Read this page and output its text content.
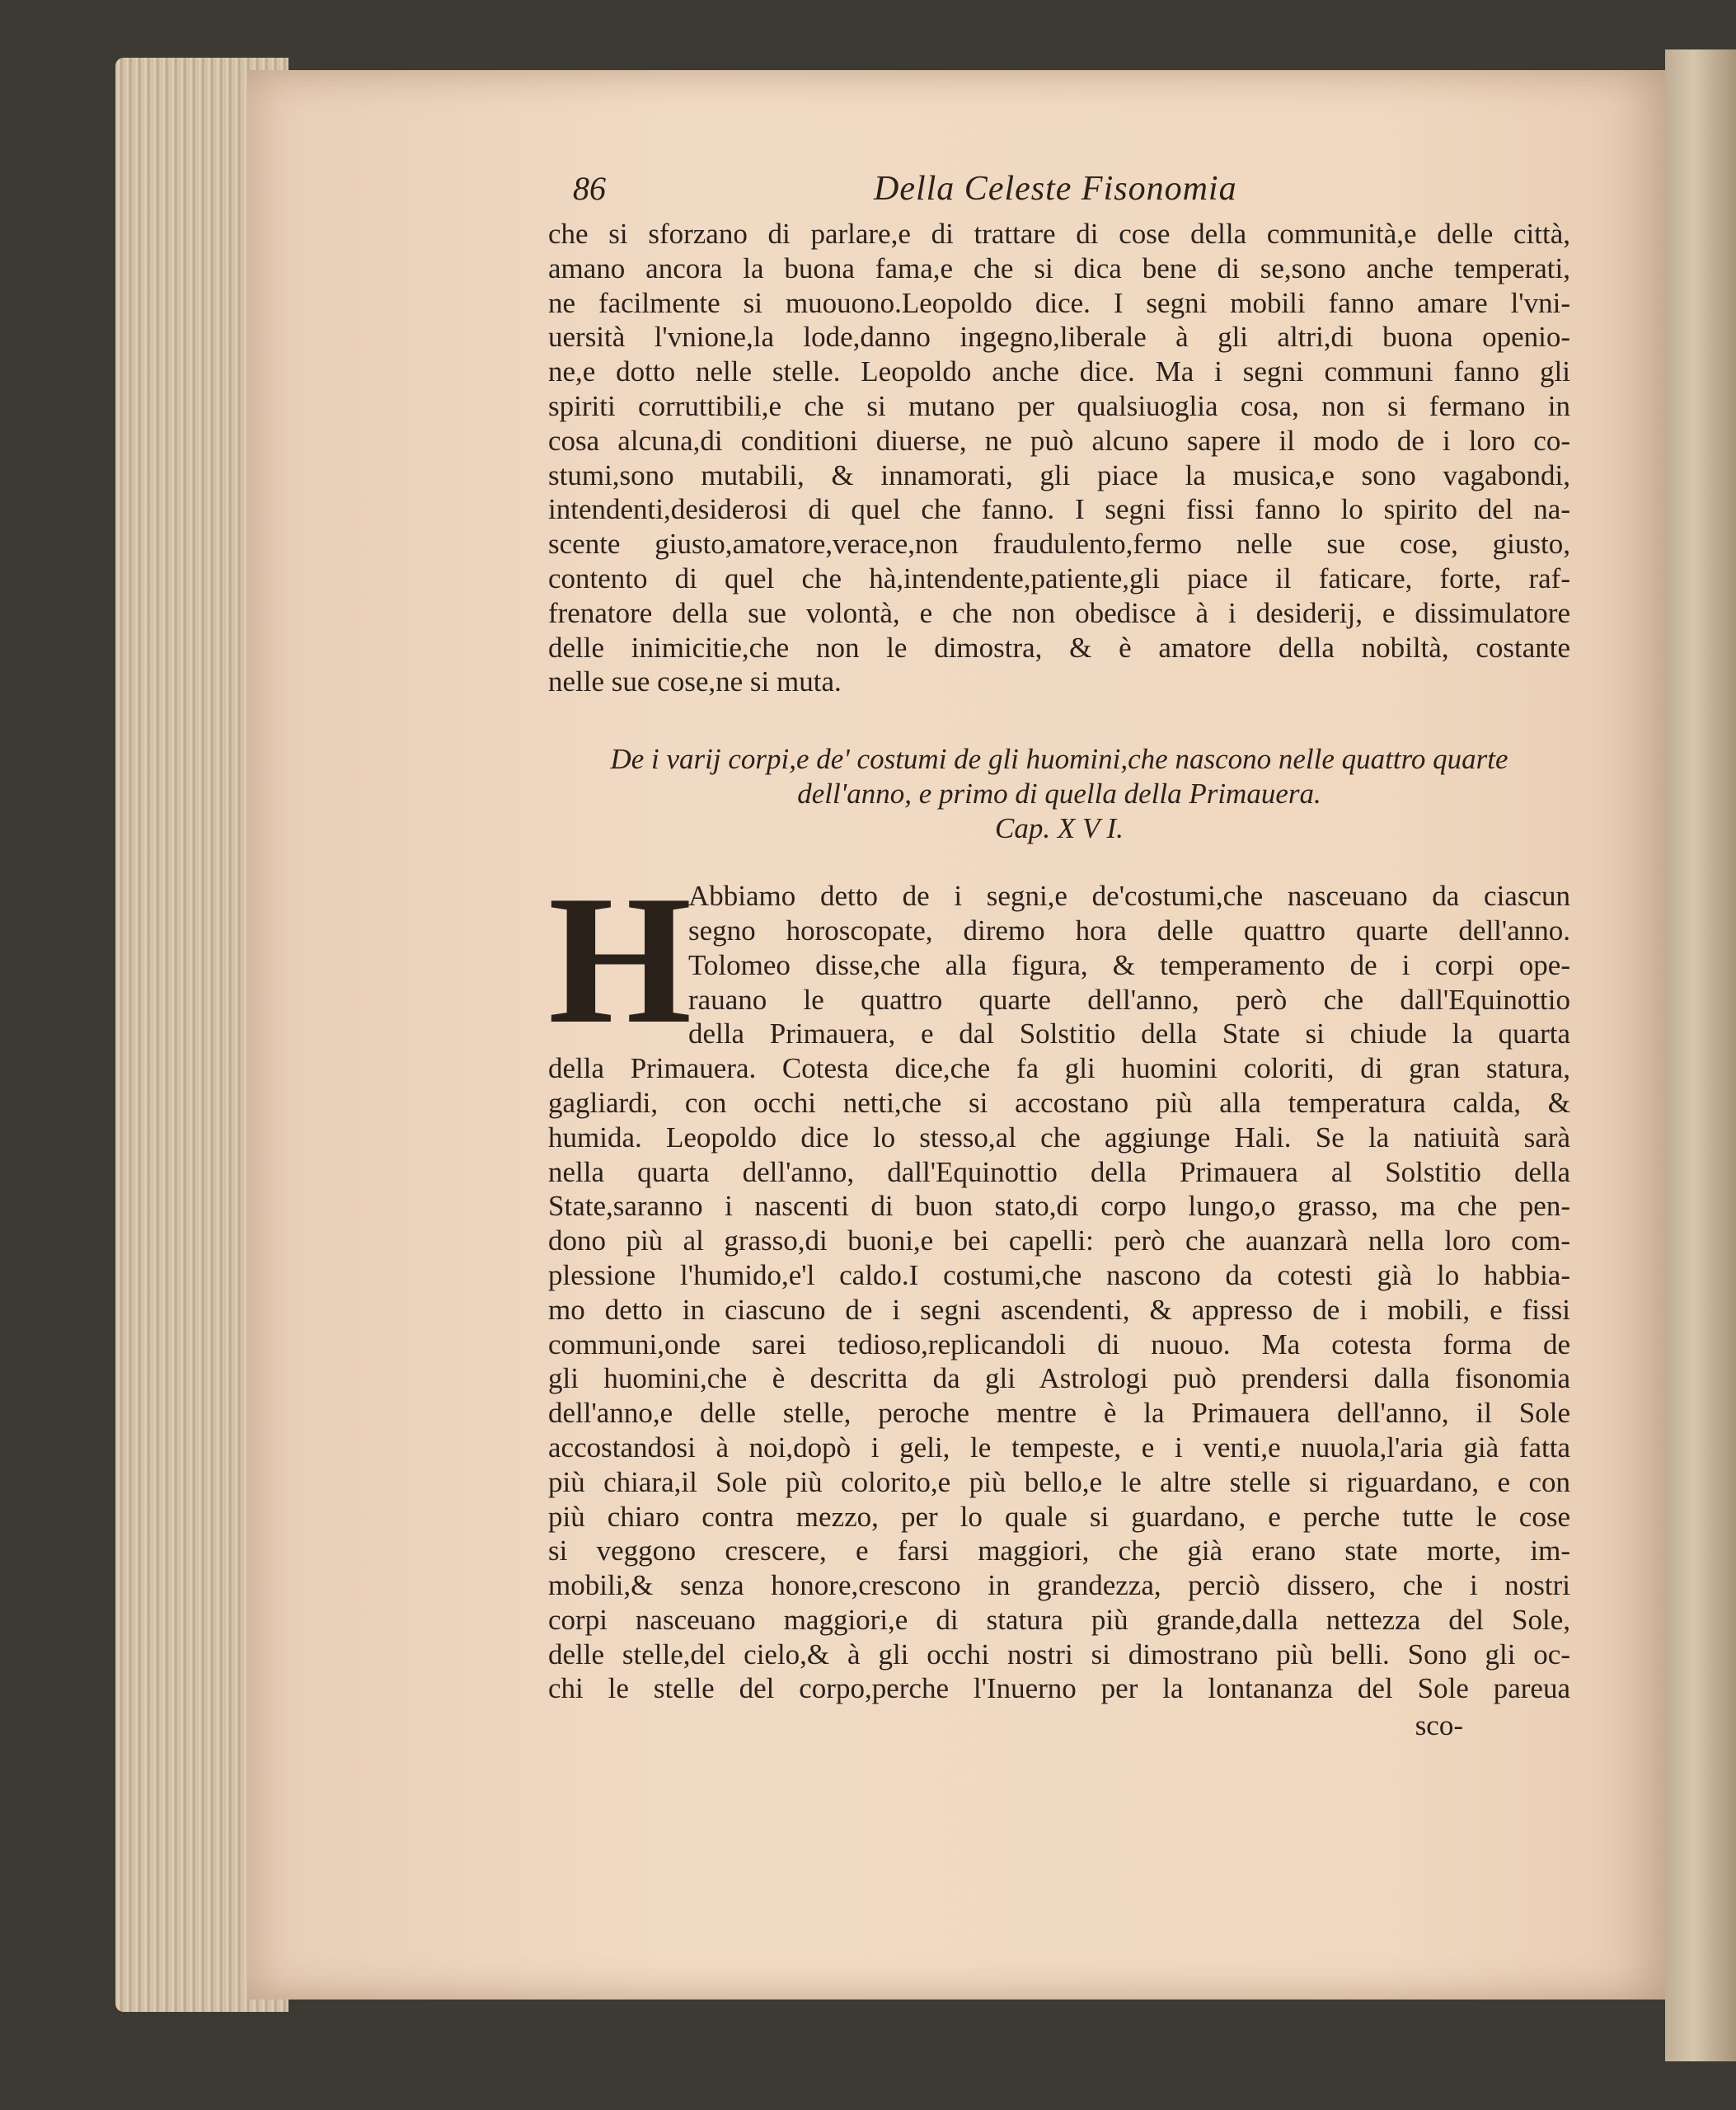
86	Della Celeste Fisonomia
che si sforzano di parlare,e di trattare di cose della communità,e delle città,
amano ancora la buona fama,e che si dica bene di se,sono anche temperati,
ne facilmente si muouono.Leopoldo dice. I segni mobili fanno amare l'vni-
uersità l'vnione,la lode,danno ingegno,liberale à gli altri,di buona openio-
ne,e dotto nelle stelle. Leopoldo anche dice. Ma i segni communi fanno gli
spiriti corruttibili,e che si mutano per qualsiuoglia cosa, non si fermano in
cosa alcuna,di conditioni diuerse, ne può alcuno sapere il modo de i loro co-
stumi,sono mutabili, & innamorati, gli piace la musica,e sono vagabondi,
intendenti,desiderosi di quel che fanno. I segni fissi fanno lo spirito del na-
scente giusto,amatore,verace,non fraudulento,fermo nelle sue cose, giusto,
contento di quel che hà,intendente,patiente,gli piace il faticare, forte, raf-
frenatore della sue volontà, e che non obedisce à i desiderij, e dissimulatore
delle inimicitie,che non le dimostra, & è amatore della nobiltà, costante
nelle sue cose,ne si muta.
De i varij corpi,e de' costumi de gli huomini,che nascono nelle quattro quarte
dell'anno, e primo di quella della Primauera.
Cap. X V I.
H
Abbiamo detto de i segni,e de'costumi,che nasceuano da ciascun
segno horoscopate, diremo hora delle quattro quarte dell'anno.
Tolomeo disse,che alla figura, & temperamento de i corpi ope-
rauano le quattro quarte dell'anno, però che dall'Equinottio
della Primauera, e dal Solstitio della State si chiude la quarta
della Primauera. Cotesta dice,che fa gli huomini coloriti, di gran statura,
gagliardi, con occhi netti,che si accostano più alla temperatura calda, &
humida. Leopoldo dice lo stesso,al che aggiunge Hali. Se la natiuità sarà
nella quarta dell'anno, dall'Equinottio della Primauera al Solstitio della
State,saranno i nascenti di buon stato,di corpo lungo,o grasso, ma che pen-
dono più al grasso,di buoni,e bei capelli: però che auanzarà nella loro com-
plessione l'humido,e'l caldo.I costumi,che nascono da cotesti già lo habbia-
mo detto in ciascuno de i segni ascendenti, & appresso de i mobili, e fissi
communi,onde sarei tedioso,replicandoli di nuouo. Ma cotesta forma de
gli huomini,che è descritta da gli Astrologi può prendersi dalla fisonomia
dell'anno,e delle stelle, peroche mentre è la Primauera dell'anno, il Sole
accostandosi à noi,dopò i geli, le tempeste, e i venti,e nuuola,l'aria già fatta
più chiara,il Sole più colorito,e più bello,e le altre stelle si riguardano, e con
più chiaro contra mezzo, per lo quale si guardano, e perche tutte le cose
si veggono crescere, e farsi maggiori, che già erano state morte, im-
mobili,& senza honore,crescono in grandezza, perciò dissero, che i nostri
corpi nasceuano maggiori,e di statura più grande,dalla nettezza del Sole,
delle stelle,del cielo,& à gli occhi nostri si dimostrano più belli. Sono gli oc-
chi le stelle del corpo,perche l'Inuerno per la lontananza del Sole pareua
sco-
